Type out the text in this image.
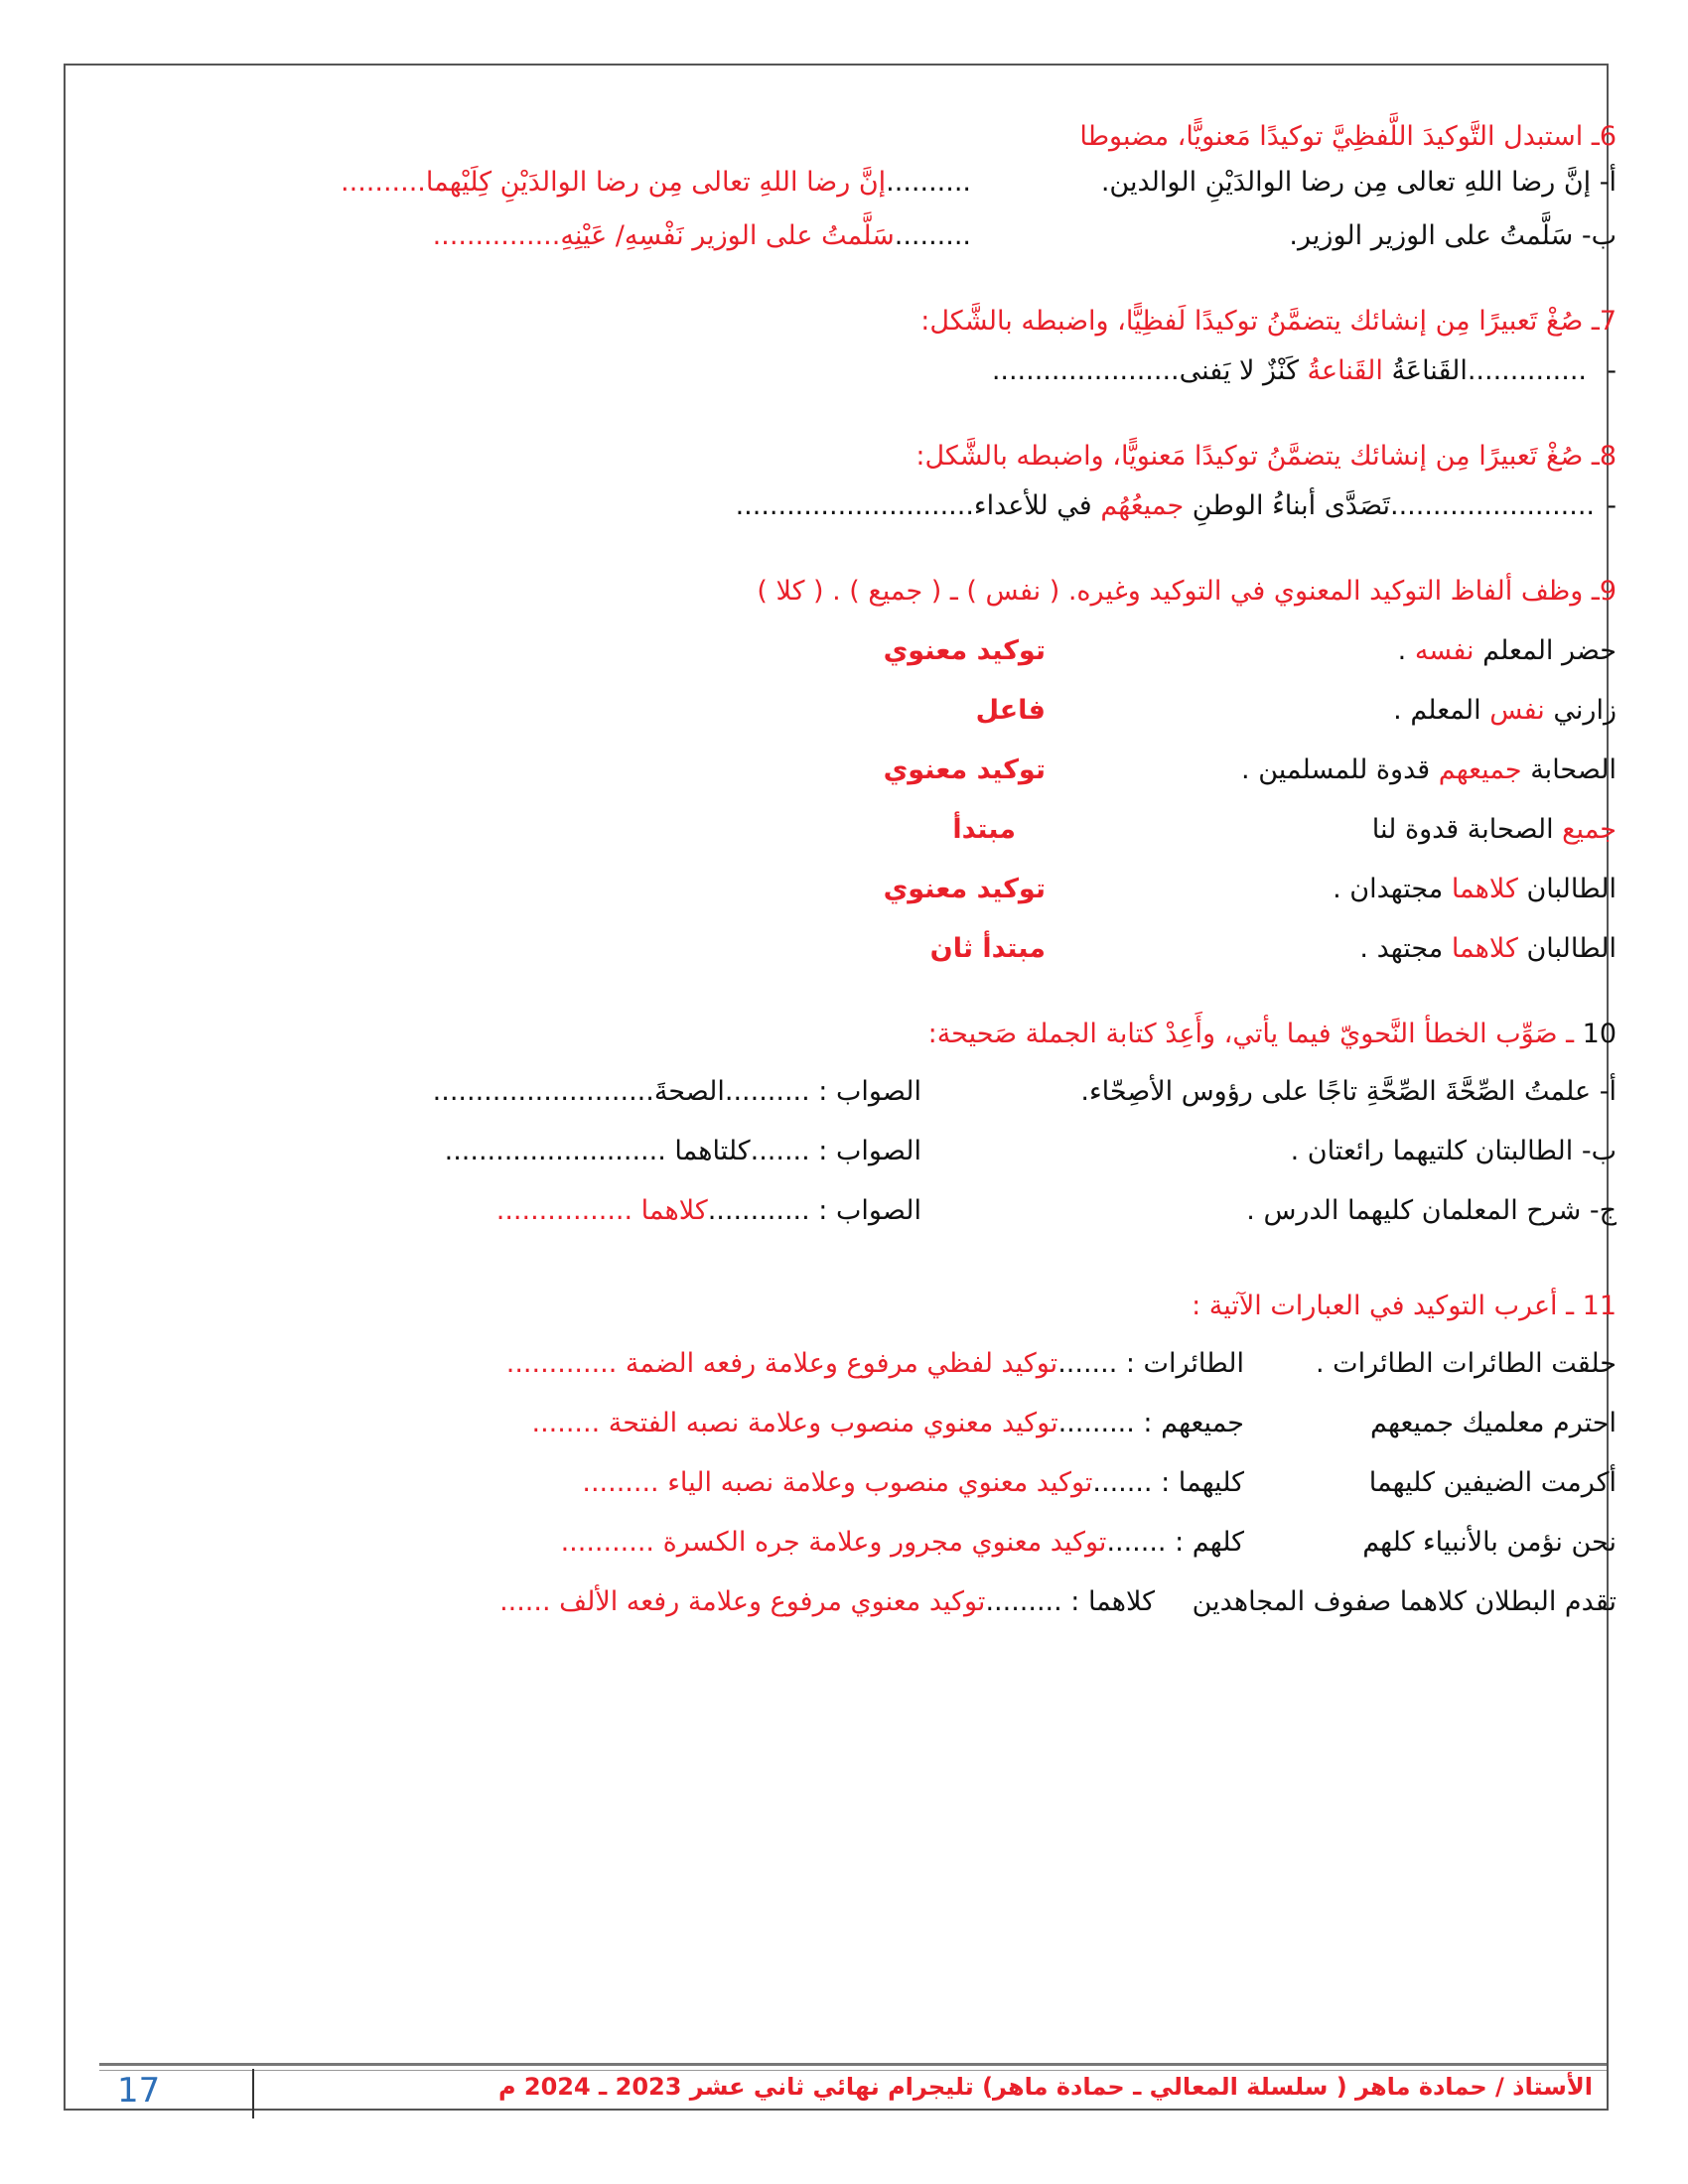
6ـ استبدل التَّوكيدَ اللَّفظِيَّ توكيدًا مَعنويًّا، مضبوطا
أ- إنَّ رضا اللهِ تعالى مِن رضا الوالدَيْنِ الوالدين.
..........إنَّ رضا اللهِ تعالى مِن رضا الوالدَيْنِ كِلَيْهما..........
ب- سَلَّمتُ على الوزير الوزير.
.........سَلَّمتُ على الوزير نَفْسِهِ/ عَيْنِهِ...............
7ـ صُغْ تَعبيرًا مِن إنشائك يتضمَّنُ توكيدًا لَفظِيًّا، واضبطه بالشَّكل:
-
..............القَناعَةُ القَناعةُ كَنْزٌ لا يَفنى......................
8ـ صُغْ تَعبيرًا مِن إنشائك يتضمَّنُ توكيدًا مَعنويًّا، واضبطه بالشَّكل:
-
........................تَصَدَّى أبناءُ الوطنِ جميعُهُم في للأعداء............................
9ـ وظف ألفاظ التوكيد المعنوي في التوكيد وغيره. ( نفس ) ـ ( جميع ) . ( كلا )
حضر المعلم نفسه .
توكيد معنوي
زارني نفس المعلم .
فاعل
الصحابة جميعهم قدوة للمسلمين .
توكيد معنوي
جميع الصحابة قدوة لنا
مبتدأ
الطالبان كلاهما مجتهدان .
توكيد معنوي
الطالبان كلاهما مجتهد .
مبتدأ ثان
10 ـ صَوِّب الخطأ النَّحويّ فيما يأتي، وأَعِدْ كتابة الجملة صَحيحة:
أ- علمتُ الصِّحَّةَ الصِّحَّةِ تاجًا على رؤوس الأصِحّاء.
الصواب : ..........الصحةَ..........................
ب- الطالبتان كلتيهما رائعتان .
الصواب : .......كلتاهما ..........................
ج- شرح المعلمان كليهما الدرس .
الصواب : ............كلاهما ................
11 ـ أعرب التوكيد في العبارات الآتية :
حلقت الطائرات الطائرات .
الطائرات : .......توكيد لفظي مرفوع وعلامة رفعه الضمة .............
احترم معلميك جميعهم
جميعهم : .........توكيد معنوي منصوب وعلامة نصبه الفتحة ........
أكرمت الضيفين كليهما
كليهما : .......توكيد معنوي منصوب وعلامة نصبه الياء .........
نحن نؤمن بالأنبياء كلهم
كلهم : .......توكيد معنوي مجرور وعلامة جره الكسرة ...........
تقدم البطلان كلاهما صفوف المجاهدين
كلاهما : .........توكيد معنوي مرفوع وعلامة رفعه الألف ......
الأستاذ / حمادة ماهر ( سلسلة المعالي ـ حمادة ماهر) تليجرام نهائي ثاني عشر 2023 ـ 2024 م
17
